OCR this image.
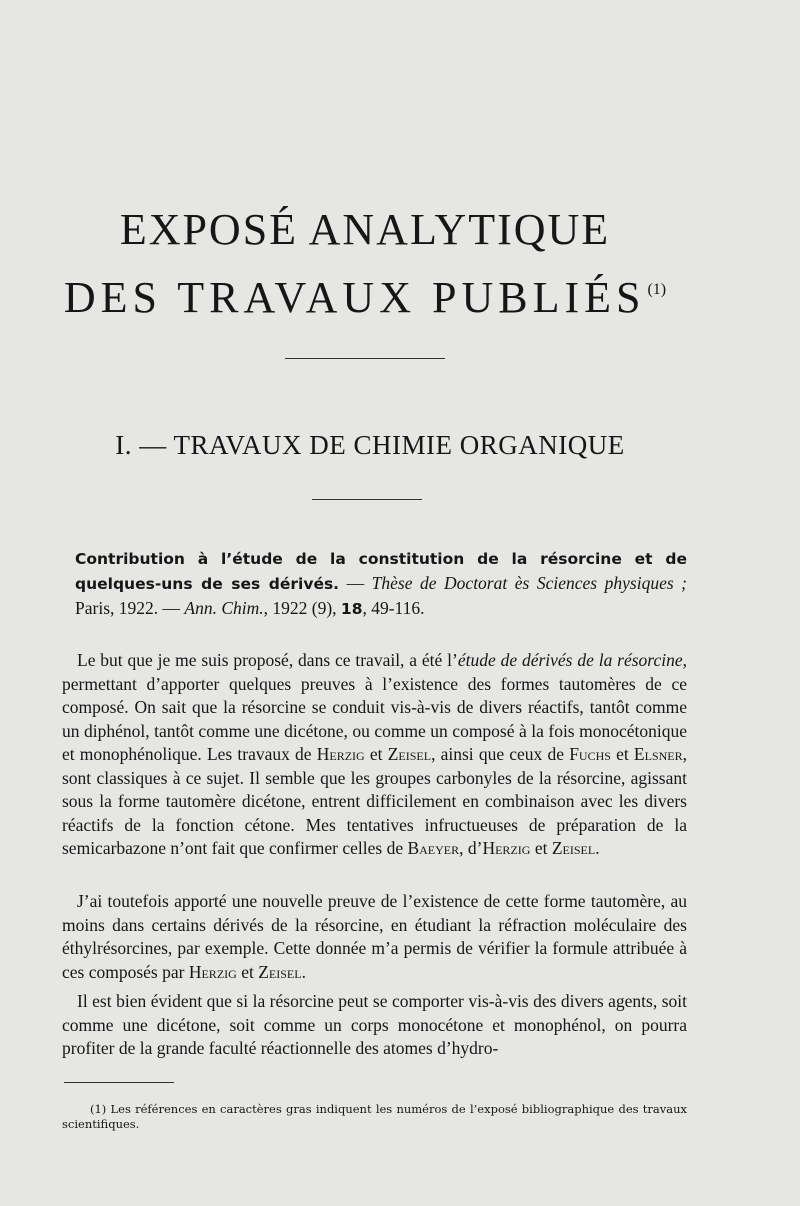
EXPOSÉ ANALYTIQUE
DES TRAVAUX PUBLIÉS $^{(1)}$
I. — TRAVAUX DE CHIMIE ORGANIQUE

Contribution à l’étude de la constitution de la résorcine et de quelques-uns de ses dérivés. — Thèse de Doctorat ès Sciences physiques ; Paris, 1922. — Ann. Chim., 1922 (9), 18, 49-116.

Le but que je me suis proposé, dans ce travail, a été l’étude de dérivés de la résorcine, permettant d’apporter quelques preuves à l’existence des formes tautomères de ce composé. On sait que la résorcine se conduit vis-à-vis de divers réactifs, tantôt comme un diphénol, tantôt comme une dicétone, ou comme un composé à la fois monocétonique et monophénolique. Les travaux de Herzig et Zeisel, ainsi que ceux de Fuchs et Elsner, sont classiques à ce sujet. Il semble que les groupes carbonyles de la résorcine, agissant sous la forme tautomère dicétone, entrent difficilement en combinaison avec les divers réactifs de la fonction cétone. Mes tentatives infructueuses de préparation de la semicarbazone n’ont fait que confirmer celles de Baeyer, d’Herzig et Zeisel.

J’ai toutefois apporté une nouvelle preuve de l’existence de cette forme tautomère, au moins dans certains dérivés de la résorcine, en étudiant la réfraction moléculaire des éthylrésorcines, par exemple. Cette donnée m’a permis de vérifier la formule attribuée à ces composés par Herzig et Zeisel.

Il est bien évident que si la résorcine peut se comporter vis-à-vis des divers agents, soit comme une dicétone, soit comme un corps monocétone et monophénol, on pourra profiter de la grande faculté réactionnelle des atomes d’hydro-

(1) Les références en caractères gras indiquent les numéros de l’exposé bibliographique des travaux scientifiques.
